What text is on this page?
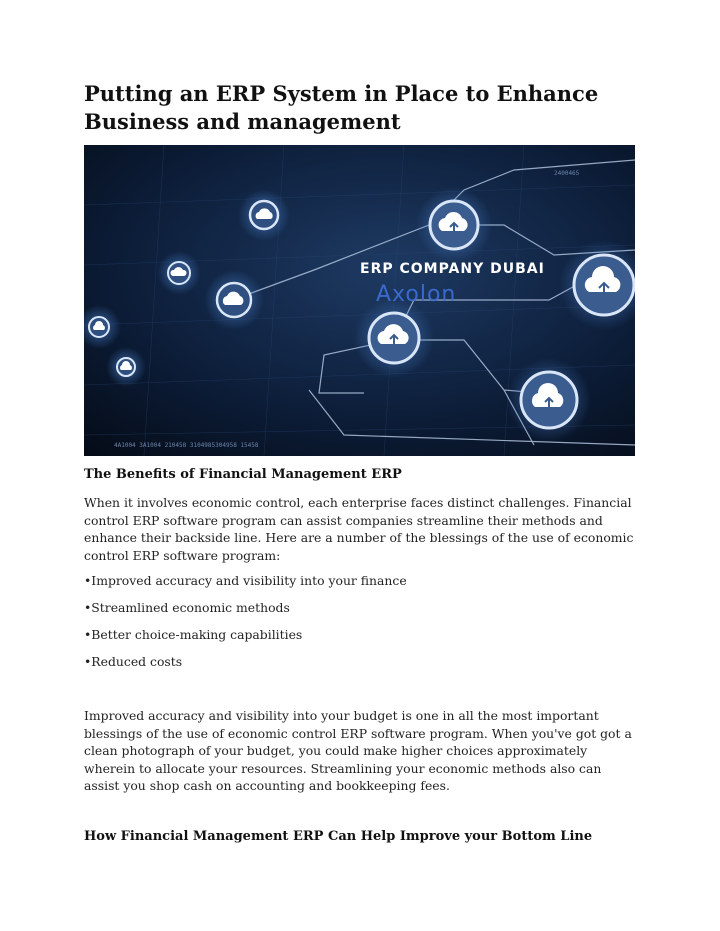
Putting an ERP System in Place to Enhance Business and management
4A1004 3A1004 210458 3104985304958 15458
2400465
ERP COMPANY DUBAI
Axolon

The Benefits of Financial Management ERP

When it involves economic control, each enterprise faces distinct challenges. Financial control ERP software program can assist companies streamline their methods and enhance their backside line. Here are a number of the blessings of the use of economic control ERP software program:

•Improved accuracy and visibility into your finance

•Streamlined economic methods

•Better choice-making capabilities

•Reduced costs

Improved accuracy and visibility into your budget is one in all the most important blessings of the use of economic control ERP software program. When you've got got a clean photograph of your budget, you could make higher choices approximately wherein to allocate your resources. Streamlining your economic methods also can assist you shop cash on accounting and bookkeeping fees.

How Financial Management ERP Can Help Improve your Bottom Line
